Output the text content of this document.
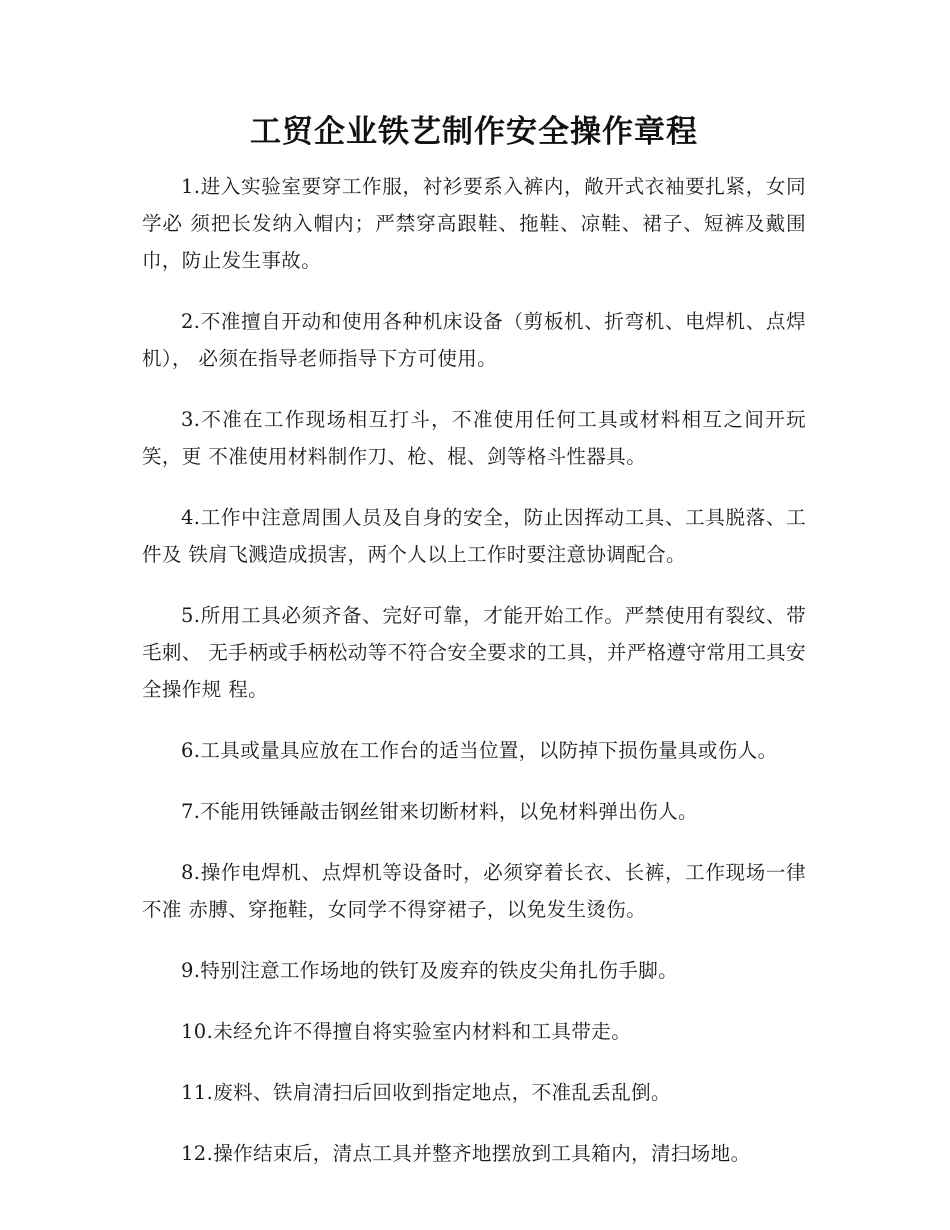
工贸企业铁艺制作安全操作章程
1.进入实验室要穿工作服，衬衫要系入裤内，敞开式衣袖要扎紧，女同学必 须把长发纳入帽内；严禁穿高跟鞋、拖鞋、凉鞋、裙子、短裤及戴围巾，防止发生事故。
2.不准擅自开动和使用各种机床设备（剪板机、折弯机、电焊机、点焊机）， 必须在指导老师指导下方可使用。
3.不准在工作现场相互打斗，不准使用任何工具或材料相互之间开玩笑，更 不准使用材料制作刀、枪、棍、剑等格斗性器具。
4.工作中注意周围人员及自身的安全，防止因挥动工具、工具脱落、工件及 铁肩飞溅造成损害，两个人以上工作时要注意协调配合。
5.所用工具必须齐备、完好可靠，才能开始工作。严禁使用有裂纹、带毛刺、 无手柄或手柄松动等不符合安全要求的工具，并严格遵守常用工具安全操作规 程。
6.工具或量具应放在工作台的适当位置，以防掉下损伤量具或伤人。
7.不能用铁锤敲击钢丝钳来切断材料，以免材料弹出伤人。
8.操作电焊机、点焊机等设备时，必须穿着长衣、长裤，工作现场一律不准 赤膊、穿拖鞋，女同学不得穿裙子，以免发生烫伤。
9.特别注意工作场地的铁钉及废弃的铁皮尖角扎伤手脚。
10.未经允许不得擅自将实验室内材料和工具带走。
11.废料、铁肩清扫后回收到指定地点，不准乱丢乱倒。
12.操作结束后，清点工具并整齐地摆放到工具箱内，清扫场地。
